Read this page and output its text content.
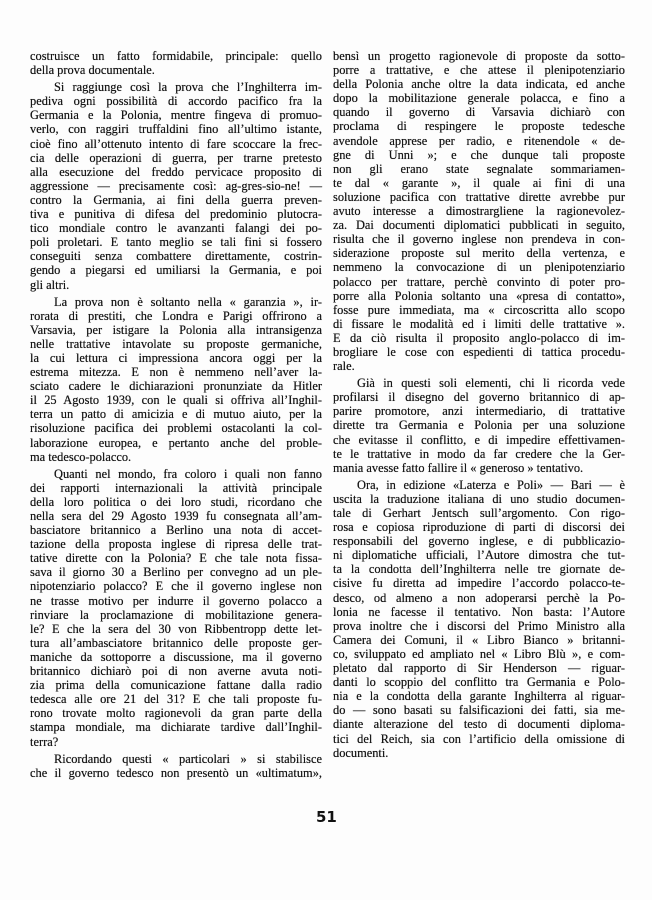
costruisce un fatto formidabile, principale: quello
della prova documentale.
Si raggiunge così la prova che l’Inghilterra im-
pediva ogni possibilità di accordo pacifico fra la
Germania e la Polonia, mentre fingeva di promuo-
verlo, con raggiri truffaldini fino all’ultimo istante,
cioè fino all’ottenuto intento di fare scoccare la frec-
cia delle operazioni di guerra, per trarne pretesto
alla esecuzione del freddo pervicace proposito di
aggressione — precisamente così: ag-gres-sio-ne! —
contro la Germania, ai fini della guerra preven-
tiva e punitiva di difesa del predominio plutocra-
tico mondiale contro le avanzanti falangi dei po-
poli proletari. E tanto meglio se tali fini si fossero
conseguiti senza combattere direttamente, costrin-
gendo a piegarsi ed umiliarsi la Germania, e poi
gli altri.
La prova non è soltanto nella « garanzia », ir-
rorata di prestiti, che Londra e Parigi offrirono a
Varsavia, per istigare la Polonia alla intransigenza
nelle trattative intavolate su proposte germaniche,
la cui lettura ci impressiona ancora oggi per la
estrema mitezza. E non è nemmeno nell’aver la-
sciato cadere le dichiarazioni pronunziate da Hitler
il 25 Agosto 1939, con le quali si offriva all’Inghil-
terra un patto di amicizia e di mutuo aiuto, per la
risoluzione pacifica dei problemi ostacolanti la col-
laborazione europea, e pertanto anche del proble-
ma tedesco-polacco.
Quanti nel mondo, fra coloro i quali non fanno
dei rapporti internazionali la attività principale
della loro politica o dei loro studi, ricordano che
nella sera del 29 Agosto 1939 fu consegnata all’am-
basciatore britannico a Berlino una nota di accet-
tazione della proposta inglese di ripresa delle trat-
tative dirette con la Polonia? E che tale nota fissa-
sava il giorno 30 a Berlino per convegno ad un ple-
nipotenziario polacco? E che il governo inglese non
ne trasse motivo per indurre il governo polacco a
rinviare la proclamazione di mobilitazione genera-
le? E che la sera del 30 von Ribbentropp dette let-
tura all’ambasciatore britannico delle proposte ger-
maniche da sottoporre a discussione, ma il governo
britannico dichiarò poi di non averne avuta noti-
zia prima della comunicazione fattane dalla radio
tedesca alle ore 21 del 31? E che tali proposte fu-
rono trovate molto ragionevoli da gran parte della
stampa mondiale, ma dichiarate tardive dall’Inghil-
terra?
Ricordando questi « particolari » si stabilisce
che il governo tedesco non presentò un «ultimatum»,
bensì un progetto ragionevole di proposte da sotto-
porre a trattative, e che attese il plenipotenziario
della Polonia anche oltre la data indicata, ed anche
dopo la mobilitazione generale polacca, e fino a
quando il governo di Varsavia dichiarò con
proclama di respingere le proposte tedesche
avendole apprese per radio, e ritenendole « de-
gne di Unni »; e che dunque tali proposte
non gli erano state segnalate sommariamen-
te dal « garante », il quale ai fini di una
soluzione pacifica con trattative dirette avrebbe pur
avuto interesse a dimostrargliene la ragionevolez-
za. Dai documenti diplomatici pubblicati in seguito,
risulta che il governo inglese non prendeva in con-
siderazione proposte sul merito della vertenza, e
nemmeno la convocazione di un plenipotenziario
polacco per trattare, perchè convinto di poter pro-
porre alla Polonia soltanto una «presa di contatto»,
fosse pure immediata, ma « circoscritta allo scopo
di fissare le modalità ed i limiti delle trattative ».
E da ciò risulta il proposito anglo-polacco di im-
brogliare le cose con espedienti di tattica procedu-
rale.
Già in questi soli elementi, chi li ricorda vede
profilarsi il disegno del governo britannico di ap-
parire promotore, anzi intermediario, di trattative
dirette tra Germania e Polonia per una soluzione
che evitasse il conflitto, e di impedire effettivamen-
te le trattative in modo da far credere che la Ger-
mania avesse fatto fallire il « generoso » tentativo.
Ora, in edizione «Laterza e Poli» — Bari — è
uscita la traduzione italiana di uno studio documen-
tale di Gerhart Jentsch sull’argomento. Con rigo-
rosa e copiosa riproduzione di parti di discorsi dei
responsabili del governo inglese, e di pubblicazio-
ni diplomatiche ufficiali, l’Autore dimostra che tut-
ta la condotta dell’Inghilterra nelle tre giornate de-
cisive fu diretta ad impedire l’accordo polacco-te-
desco, od almeno a non adoperarsi perchè la Po-
lonia ne facesse il tentativo. Non basta: l’Autore
prova inoltre che i discorsi del Primo Ministro alla
Camera dei Comuni, il « Libro Bianco » britanni-
co, sviluppato ed ampliato nel « Libro Blù », e com-
pletato dal rapporto di Sir Henderson — riguar-
danti lo scoppio del conflitto tra Germania e Polo-
nia e la condotta della garante Inghilterra al riguar-
do — sono basati su falsificazioni dei fatti, sia me-
diante alterazione del testo di documenti diploma-
tici del Reich, sia con l’artificio della omissione di
documenti.
51
